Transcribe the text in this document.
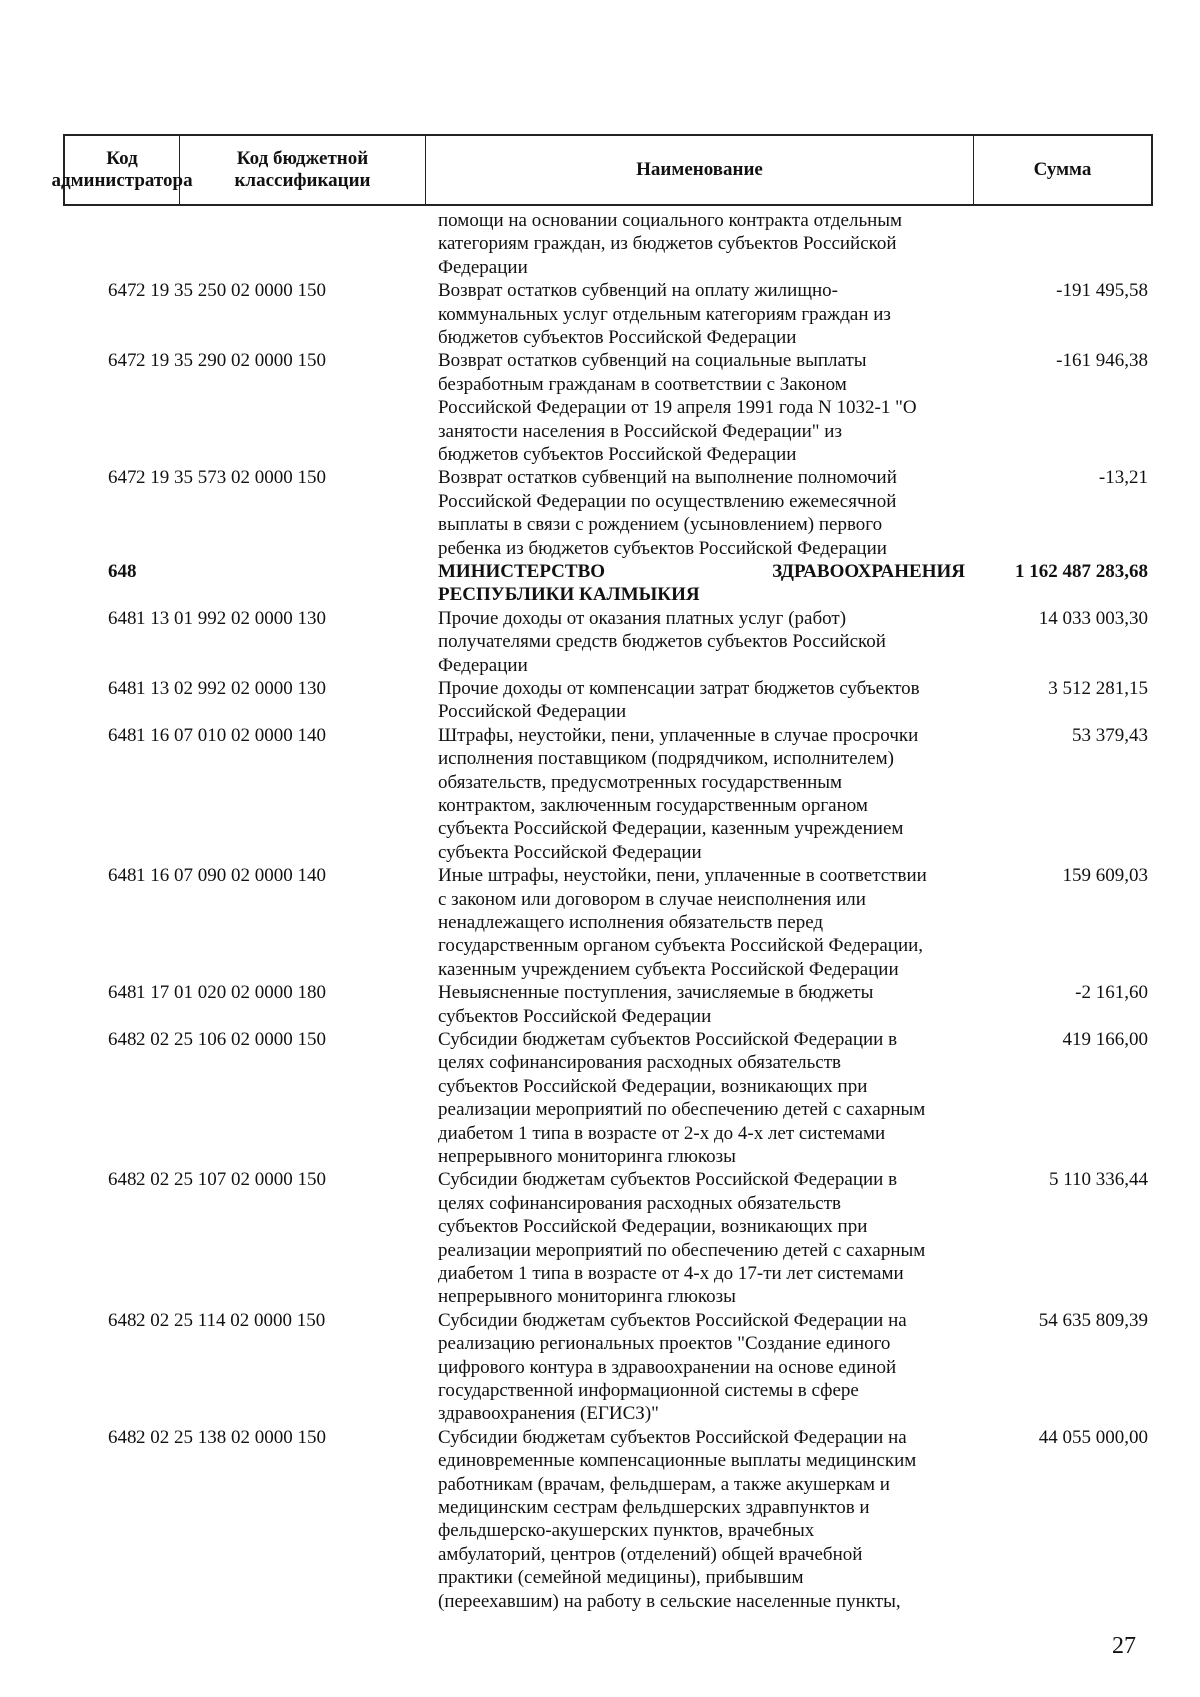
Код администратора
Код бюджетной классификации
Наименование	Сумма
помощи на основании социального контракта отдельным
категориям граждан, из бюджетов субъектов Российской
Федерации
647 2 19 35 250 02 0000 150	Возврат остатков субвенций на оплату жилищно-
коммунальных услуг отдельным категориям граждан из
бюджетов субъектов Российской Федерации
-191 495,58
647 2 19 35 290 02 0000 150	Возврат остатков субвенций на социальные выплаты
безработным гражданам в соответствии с Законом
Российской Федерации от 19 апреля 1991 года N 1032-1 "О
занятости населения в Российской Федерации" из
бюджетов субъектов Российской Федерации
-161 946,38
647 2 19 35 573 02 0000 150	Возврат остатков субвенций на выполнение полномочий
Российской Федерации по осуществлению ежемесячной
выплаты в связи с рождением (усыновлением) первого
ребенка из бюджетов субъектов Российской Федерации
-13,21
648	МИНИСТЕРСТВО ЗДРАВООХРАНЕНИЯ
РЕСПУБЛИКИ КАЛМЫКИЯ
1 162 487 283,68
648 1 13 01 992 02 0000 130	Прочие доходы от оказания платных услуг (работ)
получателями средств бюджетов субъектов Российской
Федерации
14 033 003,30
648 1 13 02 992 02 0000 130	Прочие доходы от компенсации затрат бюджетов субъектов
Российской Федерации
3 512 281,15
648 1 16 07 010 02 0000 140	Штрафы, неустойки, пени, уплаченные в случае просрочки
исполнения поставщиком (подрядчиком, исполнителем)
обязательств, предусмотренных государственным
контрактом, заключенным государственным органом
субъекта Российской Федерации, казенным учреждением
субъекта Российской Федерации
53 379,43
648 1 16 07 090 02 0000 140	Иные штрафы, неустойки, пени, уплаченные в соответствии
с законом или договором в случае неисполнения или
ненадлежащего исполнения обязательств перед
государственным органом субъекта Российской Федерации,
казенным учреждением субъекта Российской Федерации
159 609,03
648 1 17 01 020 02 0000 180	Невыясненные поступления, зачисляемые в бюджеты
субъектов Российской Федерации
-2 161,60
648 2 02 25 106 02 0000 150	Субсидии бюджетам субъектов Российской Федерации в
целях софинансирования расходных обязательств
субъектов Российской Федерации, возникающих при
реализации мероприятий по обеспечению детей с сахарным
диабетом 1 типа в возрасте от 2-х до 4-х лет системами
непрерывного мониторинга глюкозы
419 166,00
648 2 02 25 107 02 0000 150	Субсидии бюджетам субъектов Российской Федерации в
целях софинансирования расходных обязательств
субъектов Российской Федерации, возникающих при
реализации мероприятий по обеспечению детей с сахарным
диабетом 1 типа в возрасте от 4-х до 17-ти лет системами
непрерывного мониторинга глюкозы
5 110 336,44
648 2 02 25 114 02 0000 150	Субсидии бюджетам субъектов Российской Федерации на
реализацию региональных проектов "Создание единого
цифрового контура в здравоохранении на основе единой
государственной информационной системы в сфере
здравоохранения (ЕГИСЗ)"
54 635 809,39
648 2 02 25 138 02 0000 150	Субсидии бюджетам субъектов Российской Федерации на
единовременные компенсационные выплаты медицинским
работникам (врачам, фельдшерам, а также акушеркам и
медицинским сестрам фельдшерских здравпунктов и
фельдшерско-акушерских пунктов, врачебных
амбулаторий, центров (отделений) общей врачебной
практики (семейной медицины), прибывшим
(переехавшим) на работу в сельские населенные пункты,
44 055 000,00
27
